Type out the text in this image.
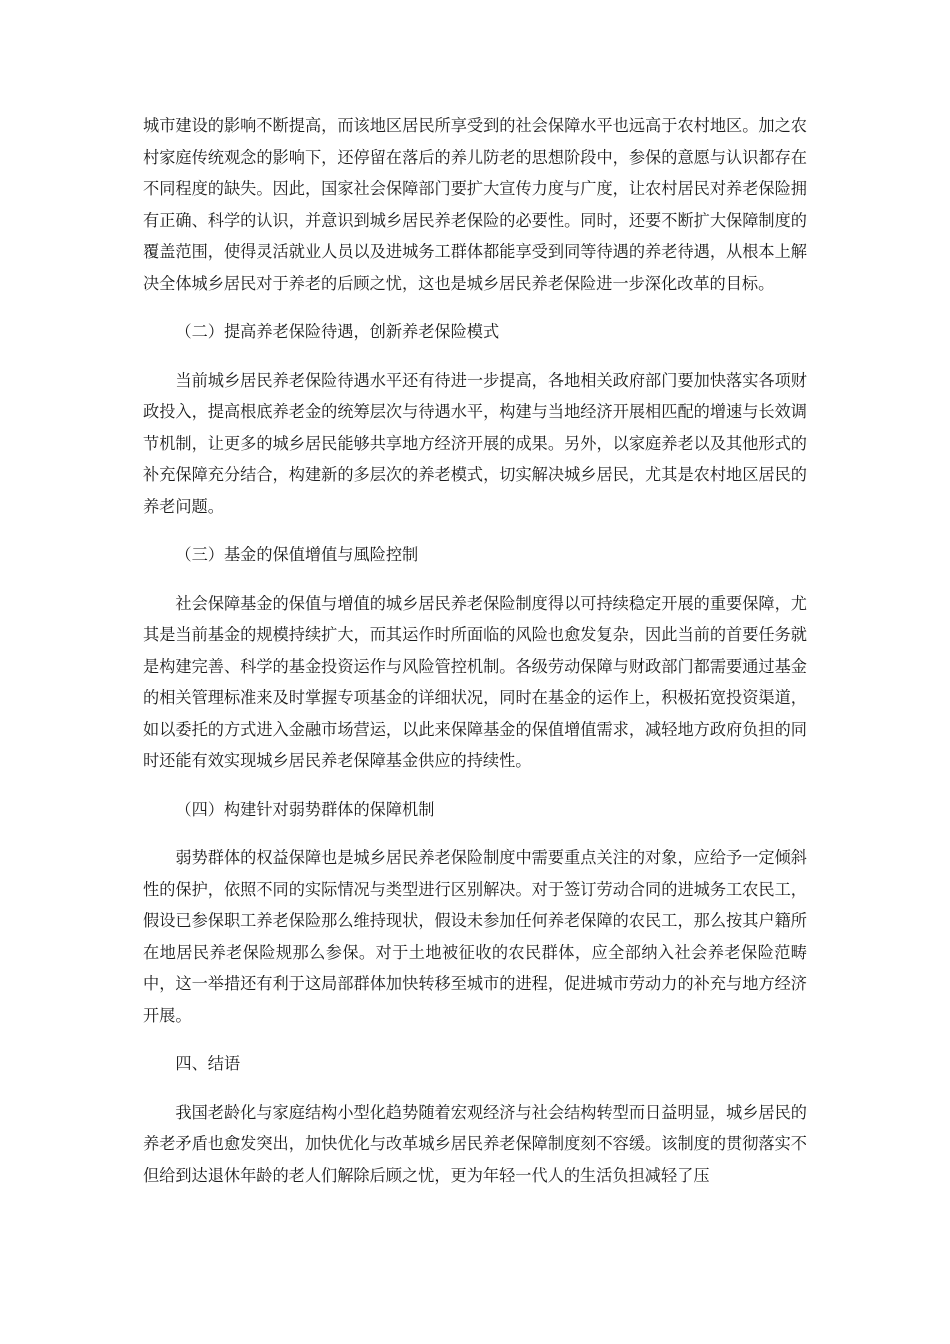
城市建设的影响不断提高，而该地区居民所享受到的社会保障水平也远高于农村地区。加之农村家庭传统观念的影响下，还停留在落后的养儿防老的思想阶段中，参保的意愿与认识都存在不同程度的缺失。因此，国家社会保障部门要扩大宣传力度与广度，让农村居民对养老保险拥有正确、科学的认识，并意识到城乡居民养老保险的必要性。同时，还要不断扩大保障制度的覆盖范围，使得灵活就业人员以及进城务工群体都能享受到同等待遇的养老待遇，从根本上解决全体城乡居民对于养老的后顾之忧，这也是城乡居民养老保险进一步深化改革的目标。

（二）提高养老保险待遇，创新养老保险模式

当前城乡居民养老保险待遇水平还有待进一步提高，各地相关政府部门要加快落实各项财政投入，提高根底养老金的统筹层次与待遇水平，构建与当地经济开展相匹配的增速与长效调节机制，让更多的城乡居民能够共享地方经济开展的成果。另外，以家庭养老以及其他形式的补充保障充分结合，构建新的多层次的养老模式，切实解决城乡居民，尤其是农村地区居民的养老问题。

（三）基金的保值增值与風险控制

社会保障基金的保值与增值的城乡居民养老保险制度得以可持续稳定开展的重要保障，尤其是当前基金的规模持续扩大，而其运作时所面临的风险也愈发复杂，因此当前的首要任务就是构建完善、科学的基金投资运作与风险管控机制。各级劳动保障与财政部门都需要通过基金的相关管理标准来及时掌握专项基金的详细状况，同时在基金的运作上，积极拓宽投资渠道，如以委托的方式进入金融市场营运，以此来保障基金的保值增值需求，减轻地方政府负担的同时还能有效实现城乡居民养老保障基金供应的持续性。

（四）构建针对弱势群体的保障机制

弱势群体的权益保障也是城乡居民养老保险制度中需要重点关注的对象，应给予一定倾斜性的保护，依照不同的实际情况与类型进行区别解决。对于签订劳动合同的进城务工农民工，假设已参保职工养老保险那么维持现状，假设未参加任何养老保障的农民工，那么按其户籍所在地居民养老保险规那么参保。对于土地被征收的农民群体，应全部纳入社会养老保险范畴中，这一举措还有利于这局部群体加快转移至城市的进程，促进城市劳动力的补充与地方经济开展。

四、结语

我国老龄化与家庭结构小型化趋势随着宏观经济与社会结构转型而日益明显，城乡居民的养老矛盾也愈发突出，加快优化与改革城乡居民养老保障制度刻不容缓。该制度的贯彻落实不但给到达退休年龄的老人们解除后顾之忧，更为年轻一代人的生活负担减轻了压
